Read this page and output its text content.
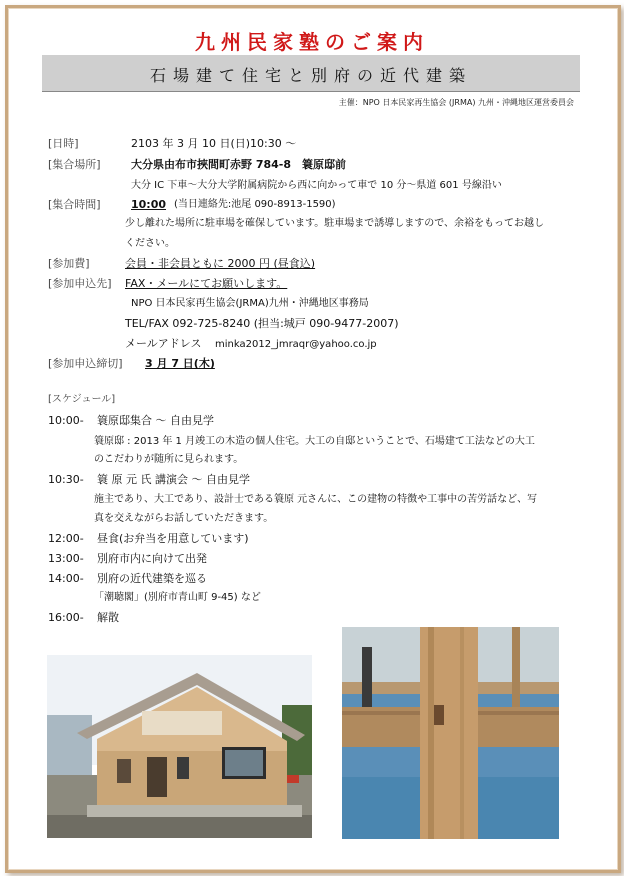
九州民家塾のご案内
石場建て住宅と別府の近代建築
主催：NPO 日本民家再生協会 (JRMA) 九州・沖縄地区運営委員会
[日時]	2103 年 3 月 10 日(日)10:30 ～
[集合場所]	大分県由布市挾間町赤野 784-8　簑原邸前
大分 IC 下車～大分大学附属病院から西に向かって車で 10 分～県道 601 号線沿い
[集合時間]	10:00 (当日連絡先:池尾 090-8913-1590)
少し離れた場所に駐車場を確保しています。駐車場まで誘導しますので、余裕をもってお越し
ください。
[参加費]	会員・非会員ともに 2000 円 (昼食込)
[参加申込先] FAX・メールにてお願いします。
NPO 日本民家再生協会(JRMA)九州・沖縄地区事務局
TEL/FAX 092-725-8240 (担当:城戸 090-9477-2007)
メールアドレス minka2012_jmraqr@yahoo.co.jp
[参加申込締切] 3 月 7 日(木)
[スケジュール]
10:00- 簑原邸集合 ～ 自由見学
簑原邸 : 2013 年 1 月竣工の木造の個人住宅。大工の自邸ということで、石場建て工法などの大工
のこだわりが随所に見られます。
10:30- 簑 原 元 氏 講演会 ～ 自由見学
施主であり、大工であり、設計士である簑原 元さんに、この建物の特徴や工事中の苦労話など、写
真を交えながらお話していただきます。
12:00- 昼食(お弁当を用意しています)
13:00- 別府市内に向けて出発
14:00- 別府の近代建築を巡る
「潮聴閣」(別府市青山町 9-45) など
16:00- 解散
